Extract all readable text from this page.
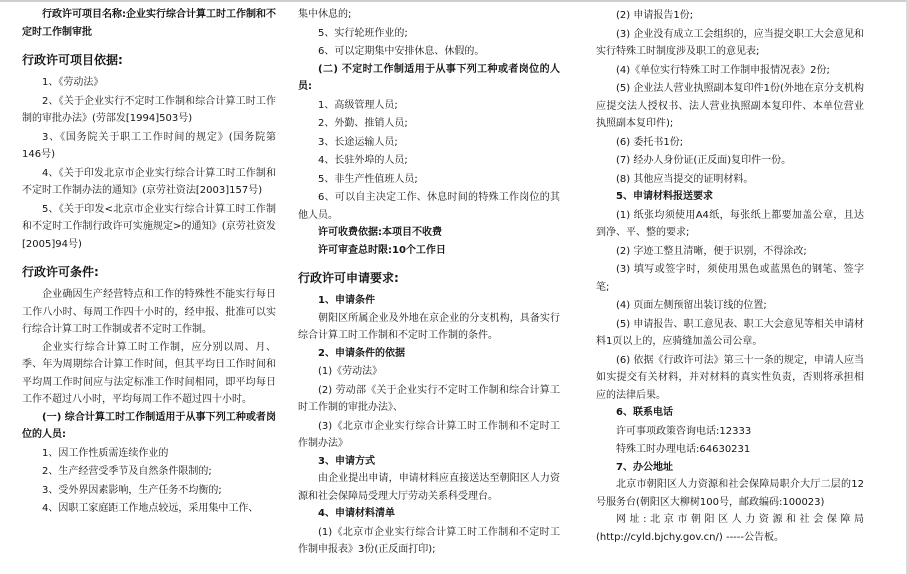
行政许可项目名称:企业实行综合计算工时工作制和不定时工作制审批

行政许可项目依据:

1、《劳动法》

2、《关于企业实行不定时工作制和综合计算工时工作制的审批办法》(劳部发[1994]503号)

3、《国务院关于职工工作时间的规定》(国务院第146号)

4、《关于印发北京市企业实行综合计算工时工作制和不定时工作制办法的通知》(京劳社资法[2003]157号)

5、《关于印发<北京市企业实行综合计算工时工作制和不定时工作制行政许可实施规定>的通知》(京劳社资发[2005]94号)

行政许可条件:

企业确因生产经营特点和工作的特殊性不能实行每日工作八小时、每周工作四十小时的，经申报、批准可以实行综合计算工时工作制或者不定时工作制。

企业实行综合计算工时工作制，应分别以周、月、季、年为周期综合计算工作时间，但其平均日工作时间和平均周工作时间应与法定标准工作时间相同，即平均每日工作不超过八小时，平均每周工作不超过四十小时。

(一) 综合计算工时工作制适用于从事下列工种或者岗位的人员:

1、因工作性质需连续作业的

2、生产经营受季节及自然条件限制的;

3、受外界因素影响，生产任务不均衡的;

4、因职工家庭距工作地点较远，采用集中工作、

集中休息的;

5、实行轮班作业的;

6、可以定期集中安排休息、休假的。

(二) 不定时工作制适用于从事下列工种或者岗位的人员:

1、高级管理人员;

2、外勤、推销人员;

3、长途运输人员;

4、长驻外埠的人员;

5、非生产性值班人员;

6、可以自主决定工作、休息时间的特殊工作岗位的其他人员。

许可收费依据:本项目不收费

许可审查总时限:10个工作日

行政许可申请要求:

1、申请条件

朝阳区所属企业及外地在京企业的分支机构，具备实行综合计算工时工作制和不定时工作制的条件。

2、申请条件的依据

(1)《劳动法》

(2) 劳动部《关于企业实行不定时工作制和综合计算工时工作制的审批办法》、

(3)《北京市企业实行综合计算工时工作制和不定时工作制办法》

3、申请方式

由企业提出申请，申请材料应直接送达至朝阳区人力资源和社会保障局受理大厅劳动关系科受理台。

4、申请材料清单

(1)《北京市企业实行综合计算工时工作制和不定时工作制申报表》3份(正反面打印);

(2) 申请报告1份;

(3) 企业没有成立工会组织的，应当提交职工大会意见和实行特殊工时制度涉及职工的意见表;

(4)《单位实行特殊工时工作制申报情况表》2份;

(5) 企业法人营业执照副本复印件1份(外地在京分支机构应提交法人授权书、法人营业执照副本复印件、本单位营业执照副本复印件);

(6) 委托书1份;

(7) 经办人身份证(正反面)复印件一份。

(8) 其他应当提交的证明材料。

5、申请材料报送要求

(1) 纸张均须使用A4纸，每张纸上都要加盖公章，且达到净、平、整的要求;

(2) 字迹工整且清晰，便于识别，不得涂改;

(3) 填写或签字时，须使用黑色或蓝黑色的钢笔、签字笔;

(4) 页面左侧预留出装订线的位置;

(5) 申请报告、职工意见表、职工大会意见等相关申请材料1页以上的，应骑缝加盖公司公章。

(6) 依据《行政许可法》第三十一条的规定，申请人应当如实提交有关材料，并对材料的真实性负责，否则将承担相应的法律后果。

6、联系电话

许可事项政策咨询电话:12333

特殊工时办理电话:64630231

7、办公地址

北京市朝阳区人力资源和社会保障局职介大厅二层的12号服务台(朝阳区大柳树100号，邮政编码:100023)

网址:北京市朝阳区人力资源和社会保障局(http://cyld.bjchy.gov.cn/) -----公告板。
